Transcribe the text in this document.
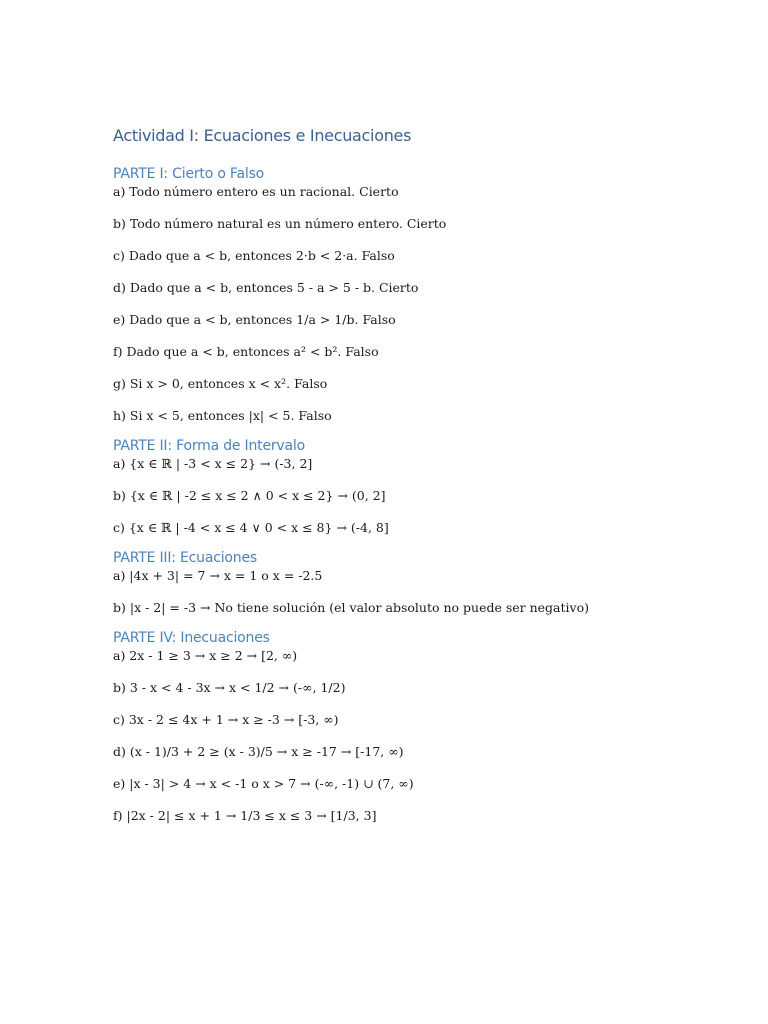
Actividad I: Ecuaciones e Inecuaciones
PARTE I: Cierto o Falso
a) Todo número entero es un racional. Cierto
b) Todo número natural es un número entero. Cierto
c) Dado que a < b, entonces 2·b < 2·a. Falso
d) Dado que a < b, entonces 5 - a > 5 - b. Cierto
e) Dado que a < b, entonces 1/a > 1/b. Falso
f) Dado que a < b, entonces a² < b². Falso
g) Si x > 0, entonces x < x². Falso
h) Si x < 5, entonces |x| < 5. Falso
PARTE II: Forma de Intervalo
a) {x ∈ ℝ | -3 < x ≤ 2} → (-3, 2]
b) {x ∈ ℝ | -2 ≤ x ≤ 2 ∧ 0 < x ≤ 2} → (0, 2]
c) {x ∈ ℝ | -4 < x ≤ 4 ∨ 0 < x ≤ 8} → (-4, 8]
PARTE III: Ecuaciones
a) |4x + 3| = 7 → x = 1 o x = -2.5
b) |x - 2| = -3 → No tiene solución (el valor absoluto no puede ser negativo)
PARTE IV: Inecuaciones
a) 2x - 1 ≥ 3 → x ≥ 2 → [2, ∞)
b) 3 - x < 4 - 3x → x < 1/2 → (-∞, 1/2)
c) 3x - 2 ≤ 4x + 1 → x ≥ -3 → [-3, ∞)
d) (x - 1)/3 + 2 ≥ (x - 3)/5 → x ≥ -17 → [-17, ∞)
e) |x - 3| > 4 → x < -1 o x > 7 → (-∞, -1) ∪ (7, ∞)
f) |2x - 2| ≤ x + 1 → 1/3 ≤ x ≤ 3 → [1/3, 3]
